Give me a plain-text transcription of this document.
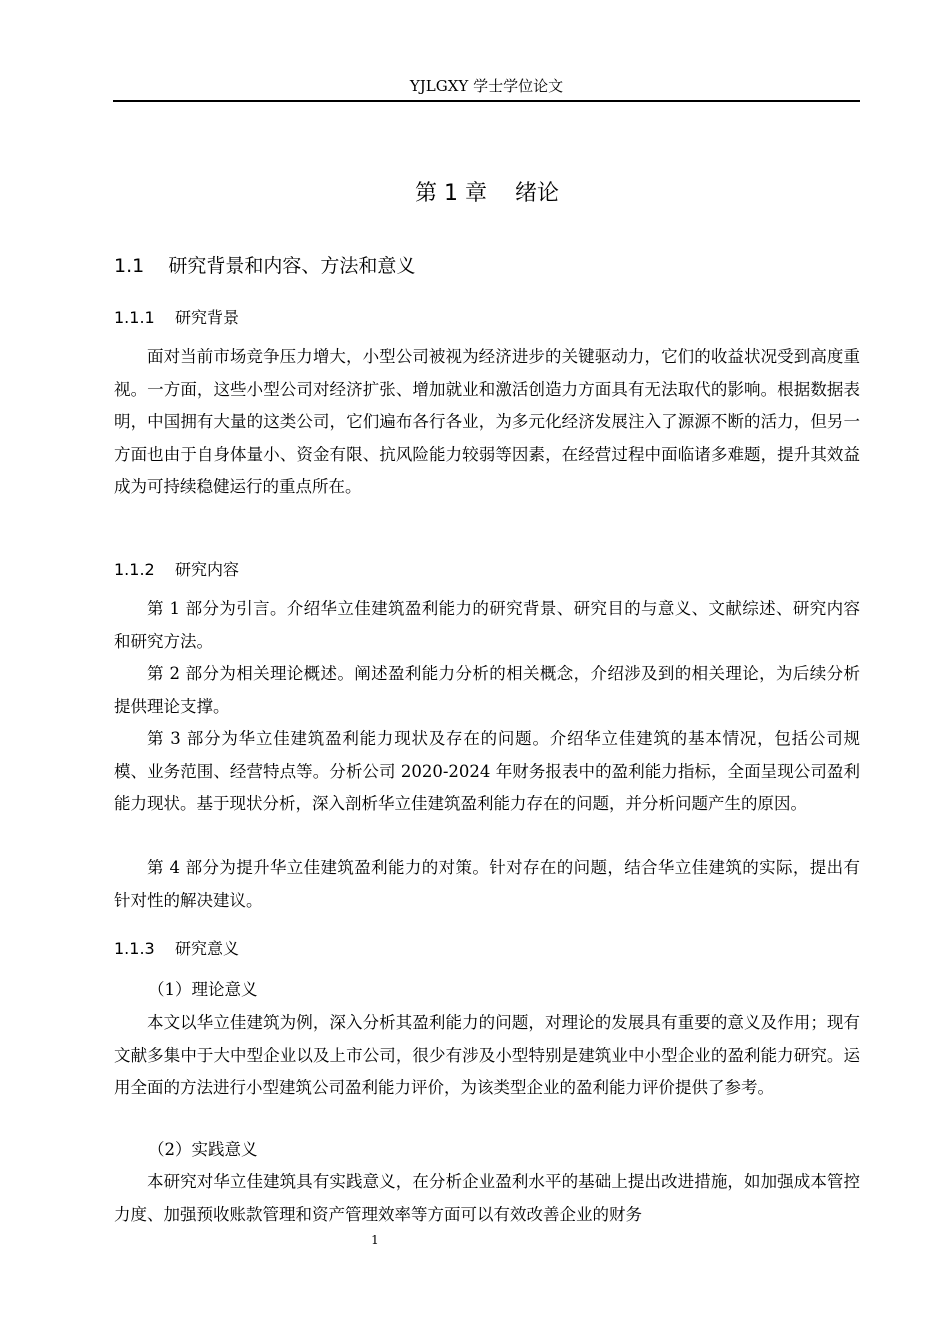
YJLGXY 学士学位论文
第 1 章    绪论
1.1    研究背景和内容、方法和意义
1.1.1    研究背景

面对当前市场竞争压力增大，小型公司被视为经济进步的关键驱动力，它们的收益状况受到高度重视。一方面，这些小型公司对经济扩张、增加就业和激活创造力方面具有无法取代的影响。根据数据表明，中国拥有大量的这类公司，它们遍布各行各业，为多元化经济发展注入了源源不断的活力，但另一方面也由于自身体量小、资金有限、抗风险能力较弱等因素，在经营过程中面临诸多难题，提升其效益成为可持续稳健运行的重点所在。

1.1.2    研究内容

第 1 部分为引言。介绍华立佳建筑盈利能力的研究背景、研究目的与意义、文献综述、研究内容和研究方法。

第 2 部分为相关理论概述。阐述盈利能力分析的相关概念，介绍涉及到的相关理论，为后续分析提供理论支撑。

第 3 部分为华立佳建筑盈利能力现状及存在的问题。介绍华立佳建筑的基本情况，包括公司规模、业务范围、经营特点等。分析公司 2020-2024 年财务报表中的盈利能力指标，全面呈现公司盈利能力现状。基于现状分析，深入剖析华立佳建筑盈利能力存在的问题，并分析问题产生的原因。

第 4 部分为提升华立佳建筑盈利能力的对策。针对存在的问题，结合华立佳建筑的实际，提出有针对性的解决建议。

1.1.3    研究意义
（1）理论意义

本文以华立佳建筑为例，深入分析其盈利能力的问题，对理论的发展具有重要的意义及作用；现有文献多集中于大中型企业以及上市公司，很少有涉及小型特别是建筑业中小型企业的盈利能力研究。运用全面的方法进行小型建筑公司盈利能力评价，为该类型企业的盈利能力评价提供了参考。

（2）实践意义

本研究对华立佳建筑具有实践意义，在分析企业盈利水平的基础上提出改进措施，如加强成本管控力度、加强预收账款管理和资产管理效率等方面可以有效改善企业的财务

1
